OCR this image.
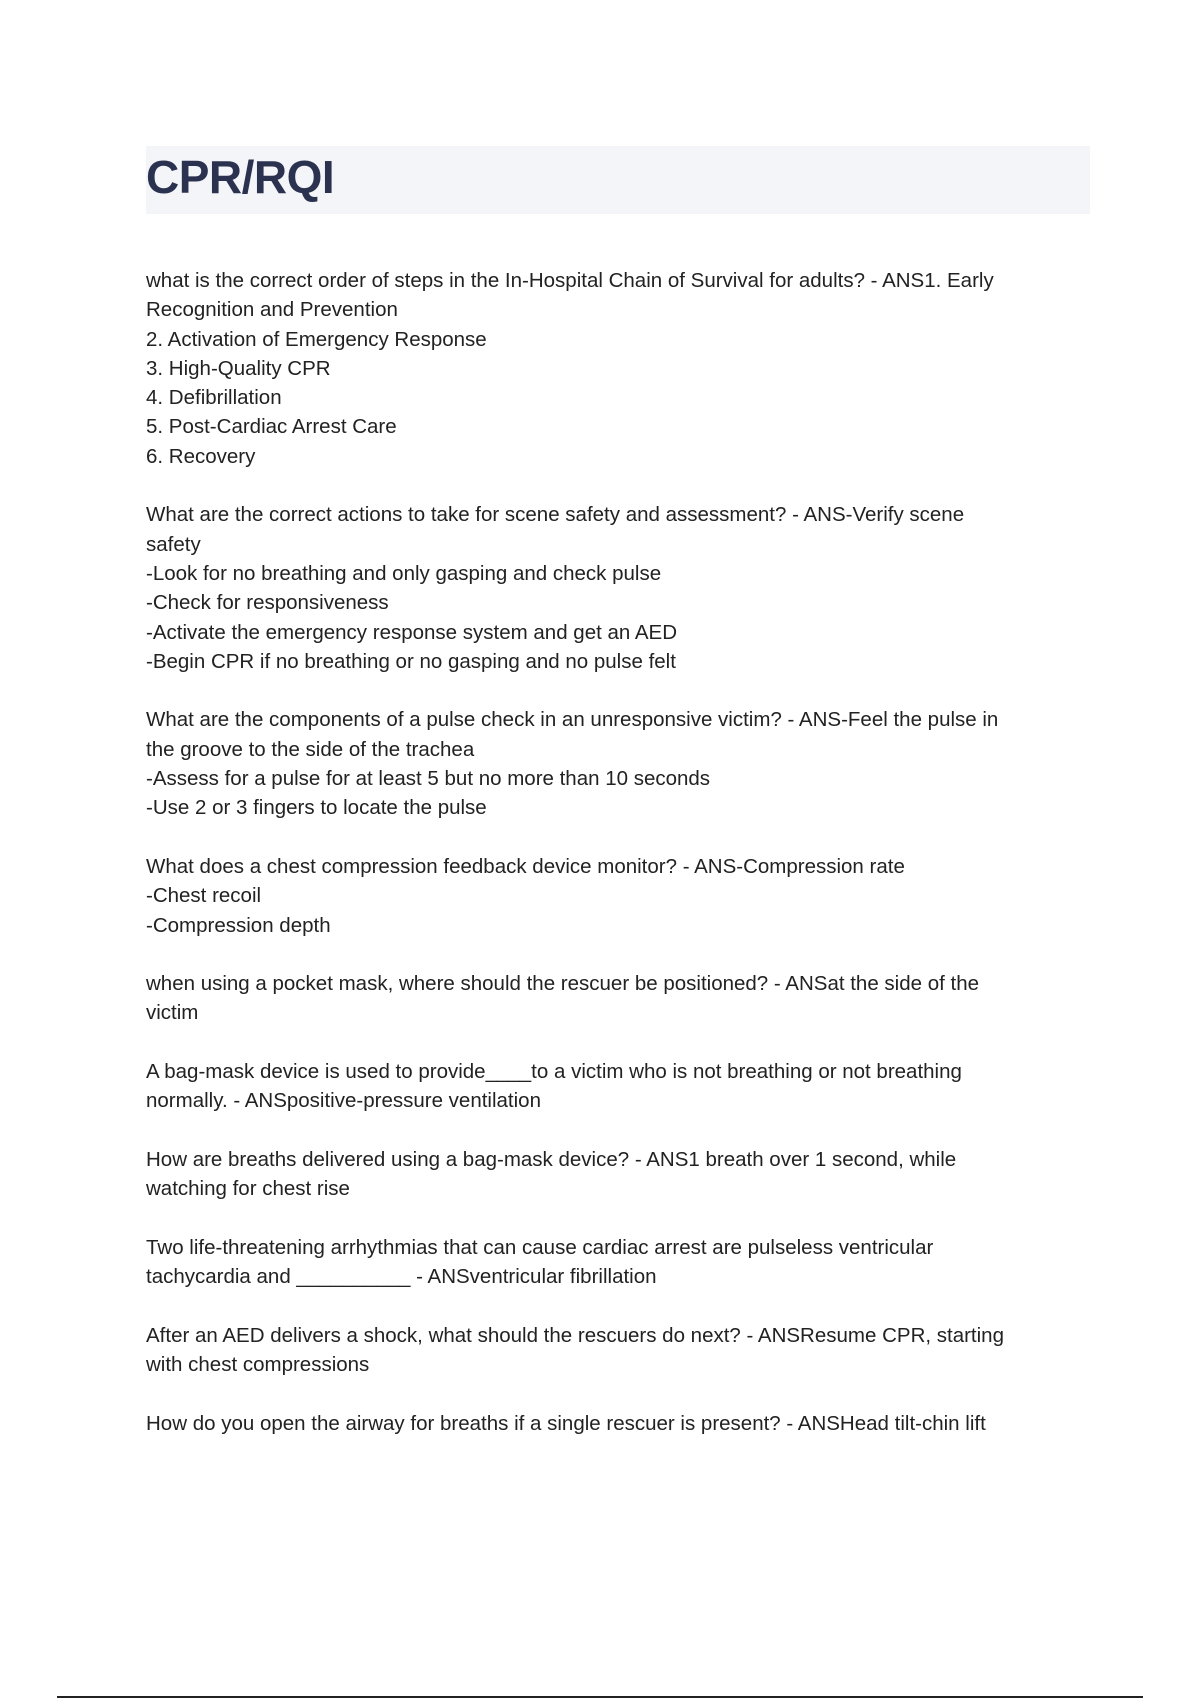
CPR/RQI
what is the correct order of steps in the In-Hospital Chain of Survival for adults? - ANS1. Early
Recognition and Prevention
2. Activation of Emergency Response
3. High-Quality CPR
4. Defibrillation
5. Post-Cardiac Arrest Care
6. Recovery
What are the correct actions to take for scene safety and assessment? - ANS-Verify scene
safety
-Look for no breathing and only gasping and check pulse
-Check for responsiveness
-Activate the emergency response system and get an AED
-Begin CPR if no breathing or no gasping and no pulse felt
What are the components of a pulse check in an unresponsive victim? - ANS-Feel the pulse in
the groove to the side of the trachea
-Assess for a pulse for at least 5 but no more than 10 seconds
-Use 2 or 3 fingers to locate the pulse
What does a chest compression feedback device monitor? - ANS-Compression rate
-Chest recoil
-Compression depth
when using a pocket mask, where should the rescuer be positioned? - ANSat the side of the
victim
A bag-mask device is used to provide____to a victim who is not breathing or not breathing
normally. - ANSpositive-pressure ventilation
How are breaths delivered using a bag-mask device? - ANS1 breath over 1 second, while
watching for chest rise
Two life-threatening arrhythmias that can cause cardiac arrest are pulseless ventricular
tachycardia and __________ - ANSventricular fibrillation
After an AED delivers a shock, what should the rescuers do next? - ANSResume CPR, starting
with chest compressions
How do you open the airway for breaths if a single rescuer is present? - ANSHead tilt-chin lift
